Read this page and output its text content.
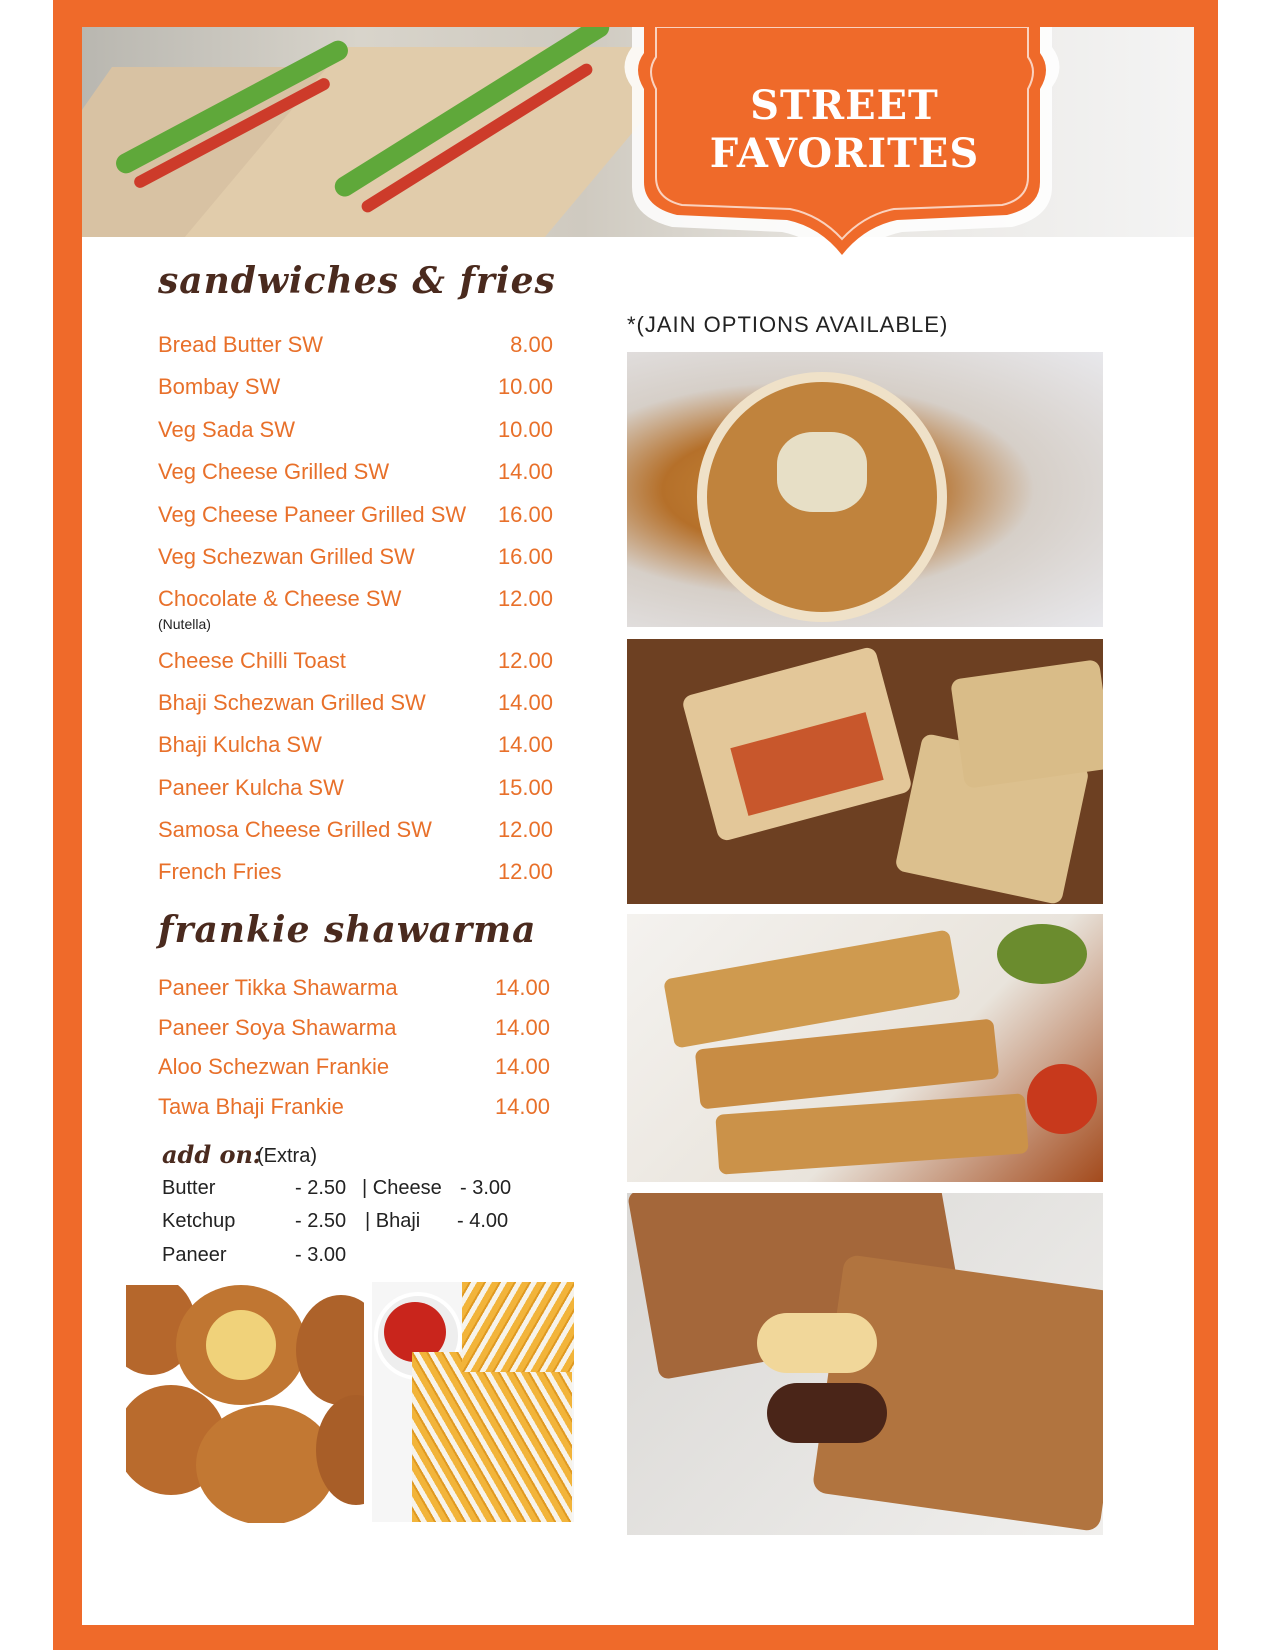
STREET
FAVORITES
sandwiches & fries
Bread Butter SW	8.00
Bombay SW	10.00
Veg Sada SW	10.00
Veg Cheese Grilled SW	14.00
Veg Cheese Paneer Grilled SW 16.00
Veg Schezwan Grilled SW	16.00
Chocolate & Cheese SW	12.00
(Nutella)
Cheese Chilli Toast	12.00
Bhaji Schezwan Grilled SW	14.00
Bhaji Kulcha SW	14.00
Paneer Kulcha SW	15.00
Samosa Cheese Grilled SW	12.00
French Fries	12.00
frankie shawarma
Paneer Tikka Shawarma	14.00
Paneer Soya Shawarma	14.00
Aloo Schezwan Frankie	14.00
Tawa Bhaji Frankie	14.00
add on:
(Extra)
Butter	- 2.50 | Cheese - 3.00
Ketchup	- 2.50 | Bhaji - 4.00
Paneer	- 3.00
*(JAIN OPTIONS AVAILABLE)
